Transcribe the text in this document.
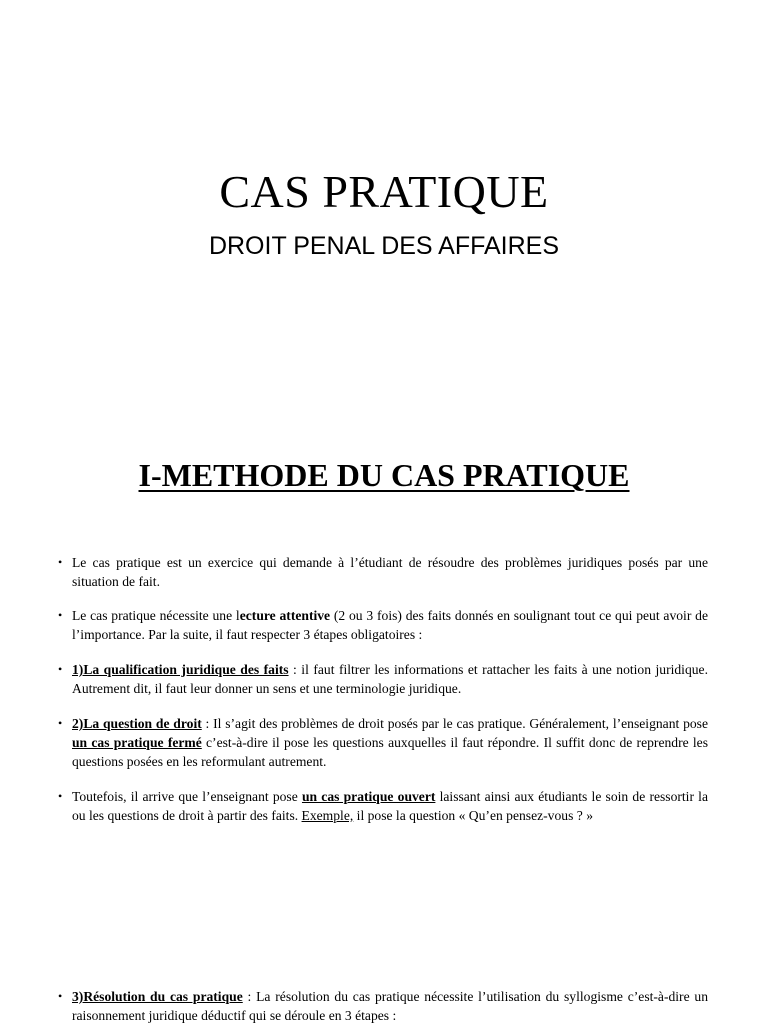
CAS PRATIQUE
DROIT PENAL DES AFFAIRES
I-METHODE DU CAS PRATIQUE
• Le cas pratique est un exercice qui demande à l’étudiant de résoudre des problèmes juridiques posés par une situation de fait.
• Le cas pratique nécessite une lecture attentive (2 ou 3 fois) des faits donnés en soulignant tout ce qui peut avoir de l’importance. Par la suite, il faut respecter 3 étapes obligatoires :
• 1)La qualification juridique des faits : il faut filtrer les informations et rattacher les faits à une notion juridique. Autrement dit, il faut leur donner un sens et une terminologie juridique.
• 2)La question de droit : Il s’agit des problèmes de droit posés par le cas pratique. Généralement, l’enseignant pose un cas pratique fermé c’est-à-dire il pose les questions auxquelles il faut répondre. Il suffit donc de reprendre les questions posées en les reformulant autrement.
• Toutefois, il arrive que l’enseignant pose un cas pratique ouvert laissant ainsi aux étudiants le soin de ressortir la ou les questions de droit à partir des faits. Exemple, il pose la question « Qu’en pensez-vous ? »
• 3)Résolution du cas pratique : La résolution du cas pratique nécessite l’utilisation du syllogisme c’est-à-dire un raisonnement juridique déductif qui se déroule en 3 étapes :
